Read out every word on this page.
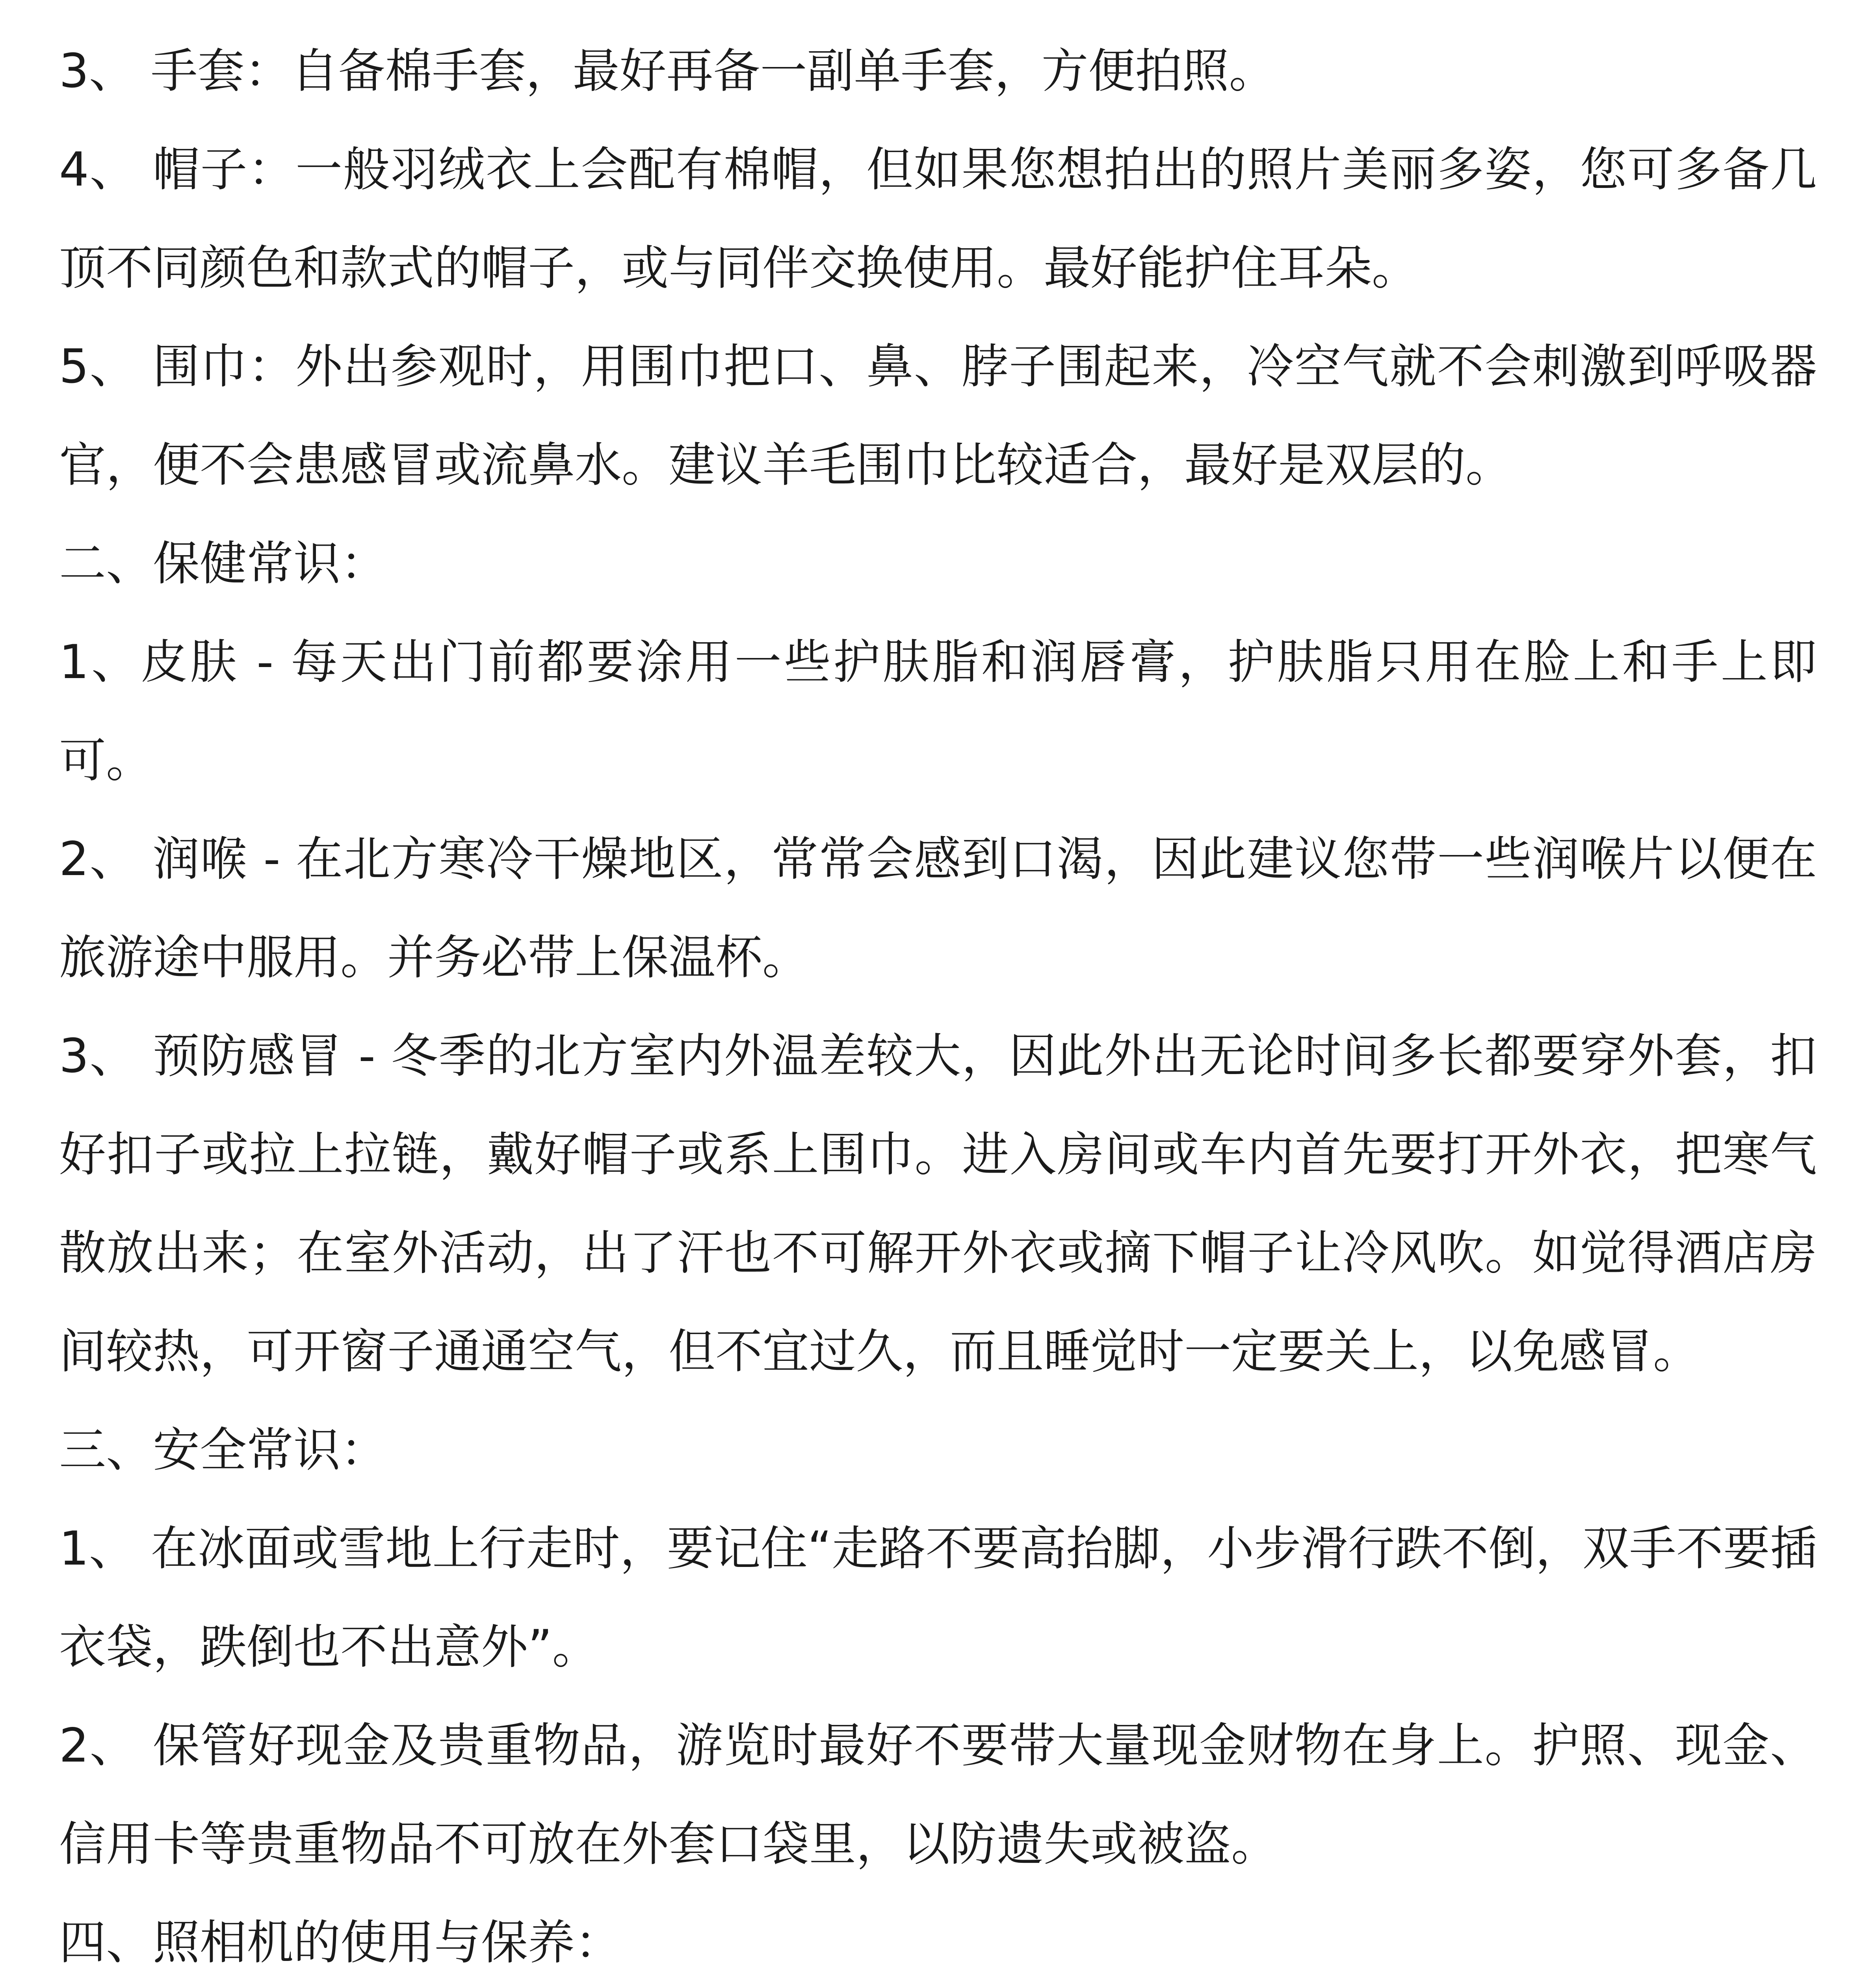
3、 手套：自备棉手套，最好再备一副单手套，方便拍照。

4、 帽子：一般羽绒衣上会配有棉帽，但如果您想拍出的照片美丽多姿，您可多备几顶不同颜色和款式的帽子，或与同伴交换使用。最好能护住耳朵。

5、 围巾：外出参观时，用围巾把口、鼻、脖子围起来，冷空气就不会刺激到呼吸器官，便不会患感冒或流鼻水。建议羊毛围巾比较适合，最好是双层的。

二、保健常识：

1、皮肤 - 每天出门前都要涂用一些护肤脂和润唇膏，护肤脂只用在脸上和手上即可。

2、 润喉 - 在北方寒冷干燥地区，常常会感到口渴，因此建议您带一些润喉片以便在旅游途中服用。并务必带上保温杯。

3、 预防感冒 - 冬季的北方室内外温差较大，因此外出无论时间多长都要穿外套，扣好扣子或拉上拉链，戴好帽子或系上围巾。进入房间或车内首先要打开外衣，把寒气散放出来；在室外活动，出了汗也不可解开外衣或摘下帽子让冷风吹。如觉得酒店房间较热，可开窗子通通空气，但不宜过久，而且睡觉时一定要关上，以免感冒。

三、安全常识：

1、 在冰面或雪地上行走时，要记住“走路不要高抬脚，小步滑行跌不倒，双手不要插衣袋，跌倒也不出意外”。

2、 保管好现金及贵重物品，游览时最好不要带大量现金财物在身上。护照、现金、信用卡等贵重物品不可放在外套口袋里，以防遗失或被盗。

四、照相机的使用与保养：
